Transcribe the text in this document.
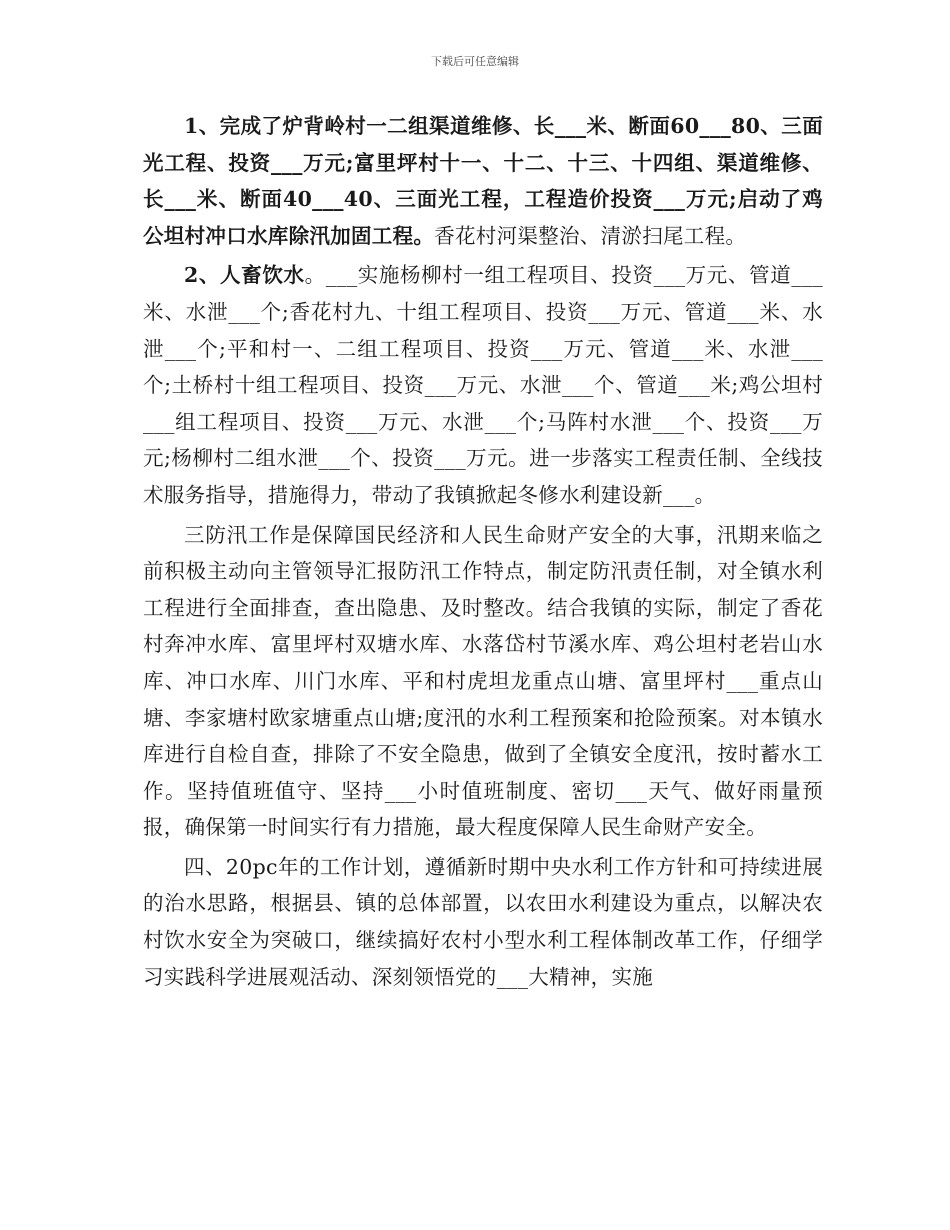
下载后可任意编辑

1、完成了炉背岭村一二组渠道维修、长___米、断面60___80、三面光工程、投资___万元;富里坪村十一、十二、十三、十四组、渠道维修、长___米、断面40___40、三面光工程，工程造价投资___万元;启动了鸡公坦村冲口水库除汛加固工程。香花村河渠整治、清淤扫尾工程。

2、人畜饮水。___实施杨柳村一组工程项目、投资___万元、管道___米、水泄___个;香花村九、十组工程项目、投资___万元、管道___米、水泄___个;平和村一、二组工程项目、投资___万元、管道___米、水泄___个;土桥村十组工程项目、投资___万元、水泄___个、管道___米;鸡公坦村___组工程项目、投资___万元、水泄___个;马阵村水泄___个、投资___万元;杨柳村二组水泄___个、投资___万元。进一步落实工程责任制、全线技术服务指导，措施得力，带动了我镇掀起冬修水利建设新___。

三防汛工作是保障国民经济和人民生命财产安全的大事，汛期来临之前积极主动向主管领导汇报防汛工作特点，制定防汛责任制，对全镇水利工程进行全面排查，查出隐患、及时整改。结合我镇的实际，制定了香花村奔冲水库、富里坪村双塘水库、水落岱村节溪水库、鸡公坦村老岩山水库、冲口水库、川门水库、平和村虎坦龙重点山塘、富里坪村___重点山塘、李家塘村欧家塘重点山塘;度汛的水利工程预案和抢险预案。对本镇水库进行自检自查，排除了不安全隐患，做到了全镇安全度汛，按时蓄水工作。坚持值班值守、坚持___小时值班制度、密切___天气、做好雨量预报，确保第一时间实行有力措施，最大程度保障人民生命财产安全。

四、20pc年的工作计划，遵循新时期中央水利工作方针和可持续进展的治水思路，根据县、镇的总体部置，以农田水利建设为重点，以解决农村饮水安全为突破口，继续搞好农村小型水利工程体制改革工作，仔细学习实践科学进展观活动、深刻领悟党的___大精神，实施
